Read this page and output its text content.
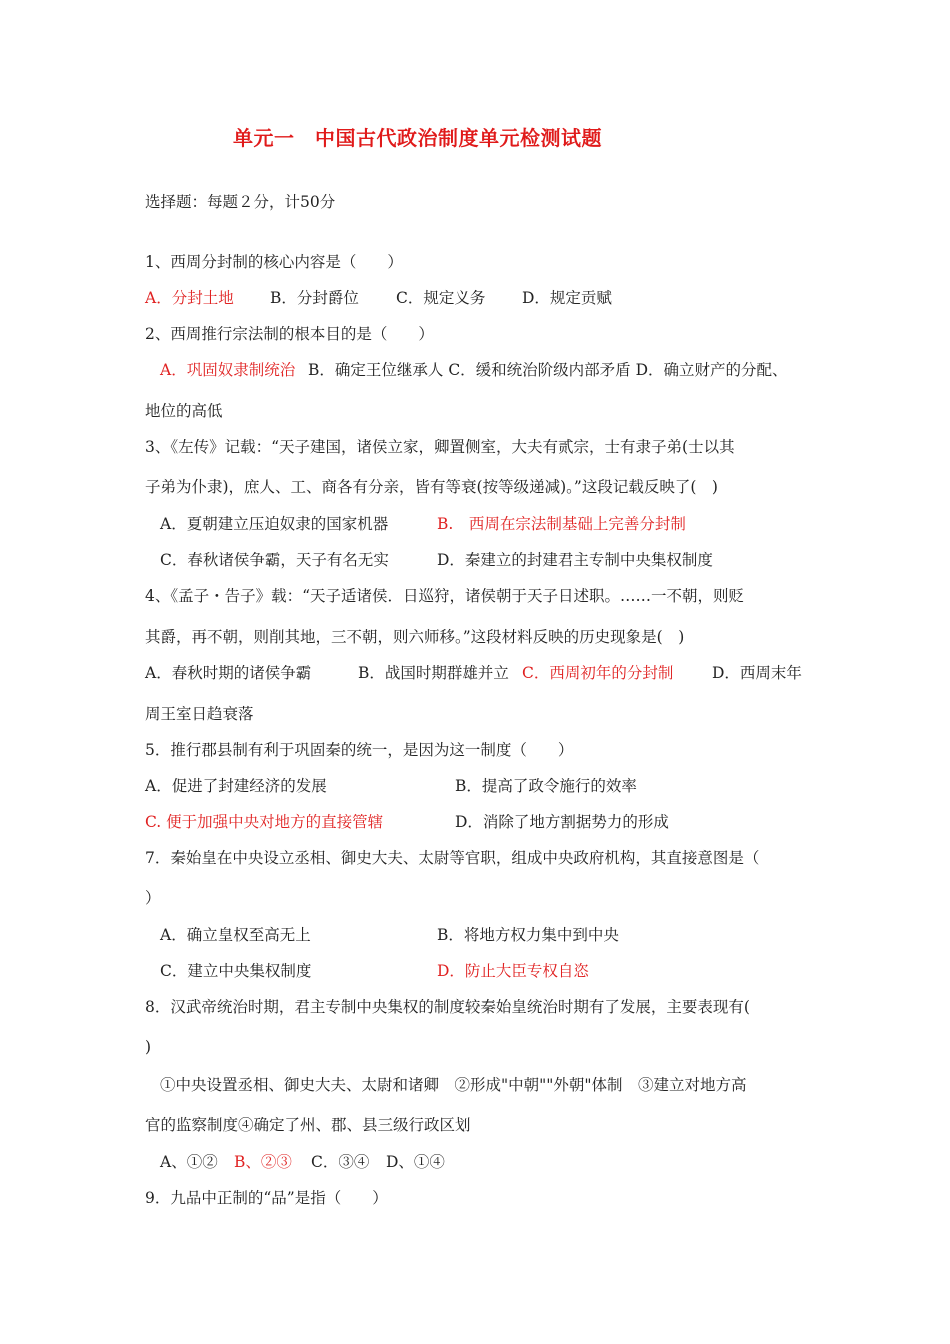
单元一　中国古代政治制度单元检测试题
选择题：每题２分，计50分
1、西周分封制的核心内容是（　　）
A．分封土地 B．分封爵位 C．规定义务 D．规定贡赋
2、西周推行宗法制的根本目的是（　　）
A．巩固奴隶制统治 B．确定王位继承人 C．缓和统治阶级内部矛盾 D．确立财产的分配、
地位的高低
3、《左传》记载：“天子建国，诸侯立家，卿置侧室，大夫有贰宗，士有隶子弟(士以其
子弟为仆隶)，庶人、工、商各有分亲，皆有等衰(按等级递减)。”这段记载反映了(　)
A．夏朝建立压迫奴隶的国家机器	B.　西周在宗法制基础上完善分封制
C．春秋诸侯争霸，天子有名无实	D．秦建立的封建君主专制中央集权制度
4、《孟子・告子》载：“天子适诸侯．日巡狩，诸侯朝于天子日述职。……一不朝，则贬
其爵，再不朝，则削其地，三不朝，则六师移。”这段材料反映的历史现象是(　)
A．春秋时期的诸侯争霸	B．战国时期群雄并立 C．西周初年的分封制 D．西周末年
周王室日趋衰落
5．推行郡县制有利于巩固秦的统一，是因为这一制度（　　）
A．促进了封建经济的发展	B．提高了政令施行的效率
C. 便于加强中央对地方的直接管辖	D．消除了地方割据势力的形成
7．秦始皇在中央设立丞相、御史大夫、太尉等官职，组成中央政府机构，其直接意图是（
）
A．确立皇权至高无上	B．将地方权力集中到中央
C．建立中央集权制度	D．防止大臣专权自恣
8．汉武帝统治时期，君主专制中央集权的制度较秦始皇统治时期有了发展，主要表现有(
)
①中央设置丞相、御史大夫、太尉和诸卿　②形成"中朝""外朝"体制　③建立对地方高
官的监察制度④确定了州、郡、县三级行政区划
A、①② B、②③ C．③④ D、①④
9．九品中正制的“品”是指（　　）
